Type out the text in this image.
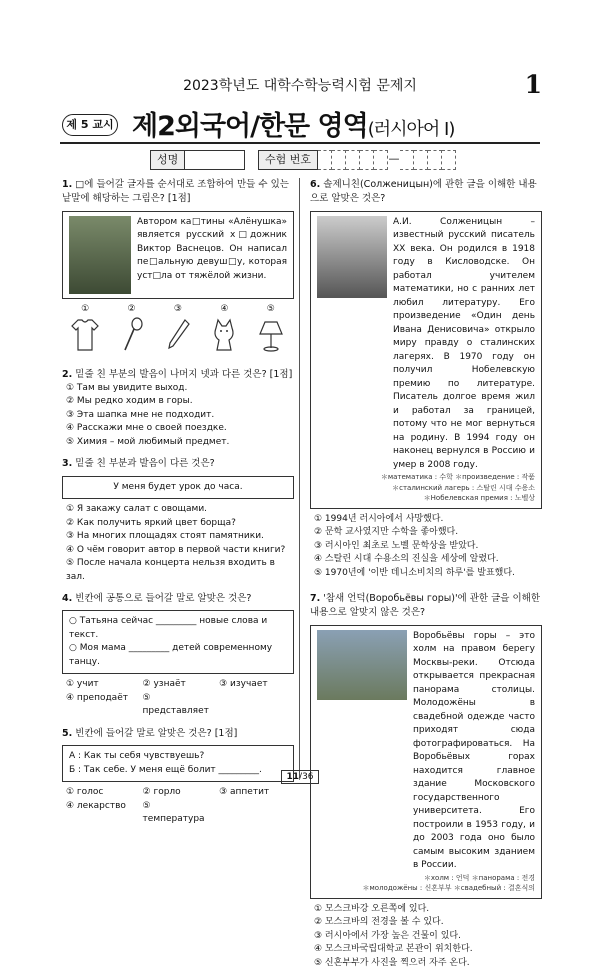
2023학년도 대학수학능력시험 문제지	1
제 5 교시 제2외국어/한문 영역(러시아어 I)
성명	수험 번호	—
1. □에 들어갈 글자를 순서대로 조합하여 만들 수 있는 낱말에 해당하는 그림은? [1점]
Автором ка□тины «Алёнушка» является русский х□дожник Виктор Васнецов. Он написал пе□альную девуш□у, которая уст□ла от тяжёлой жизни.
①	②	③	④	⑤
2. 밑줄 친 부분의 발음이 나머지 넷과 다른 것은? [1점]
① Там вы увидите выход.
② Мы редко ходим в горы.
③ Эта шапка мне не подходит.
④ Расскажи мне о своей поездке.
⑤ Химия – мой любимый предмет.
3. 밑줄 친 부분과 발음이 다른 것은?
У меня будет урок до часа.
① Я закажу салат с овощами.
② Как получить яркий цвет борща?
③ На многих площадях стоят памятники.
④ О чём говорит автор в первой части книги?
⑤ После начала концерта нельзя входить в зал.
4. 빈칸에 공통으로 들어갈 말로 알맞은 것은?
○ Татьяна сейчас _________ новые слова и текст.
○ Моя мама _________ детей современному танцу.
① учит	② узнаёт	③ изучает
④ преподаёт	⑤ представляет
5. 빈칸에 들어갈 말로 알맞은 것은? [1점]
А : Как ты себя чувствуешь?
Б : Так себе. У меня ещё болит _________.
① голос	② горло	③ аппетит
④ лекарство	⑤ температура
6. 솔제니친(Солженицын)에 관한 글을 이해한 내용으로 알맞은 것은?
А.И. Солженицын – известный русский писатель XX века. Он родился в 1918 году в Кисловодске. Он работал учителем математики, но с ранних лет любил литературу. Его произведение «Один день Ивана Денисовича» открыло миру правду о сталинских лагерях. В 1970 году он получил Нобелевскую премию по литературе. Писатель долгое время жил и работал за границей, потому что не мог вернуться на родину. В 1994 году он наконец вернулся в Россию и умер в 2008 году.
＊математика : 수학 ＊произведение : 작품
＊сталинский лагерь : 스탈린 시대 수용소
＊Нобелевская премия : 노벨상
① 1994년 러시아에서 사망했다.
② 문학 교사였지만 수학을 좋아했다.
③ 러시아인 최초로 노벨 문학상을 받았다.
④ 스탈린 시대 수용소의 진실을 세상에 알렸다.
⑤ 1970년에 '이반 데니소비치의 하루'를 발표했다.
7. '참새 언덕(Воробьёвы горы)'에 관한 글을 이해한 내용으로 알맞지 않은 것은?
Воробьёвы горы – это холм на правом берегу Москвы-реки. Отсюда открывается прекрасная панорама столицы. Молодожёны в свадебной одежде часто приходят сюда фотографироваться. На Воробьёвых горах находится главное здание Московского государственного университета. Его построили в 1953 году, и до 2003 года оно было самым высоким зданием в России.
＊холм : 언덕 ＊панорама : 전경
＊молодожёны : 신혼부부 ＊свадебный : 결혼식의
① 모스크바강 오른쪽에 있다.
② 모스크바의 전경을 볼 수 있다.
③ 러시아에서 가장 높은 건물이 있다.
④ 모스크바국립대학교 본관이 위치한다.
⑤ 신혼부부가 사진을 찍으러 자주 온다.
11/36
